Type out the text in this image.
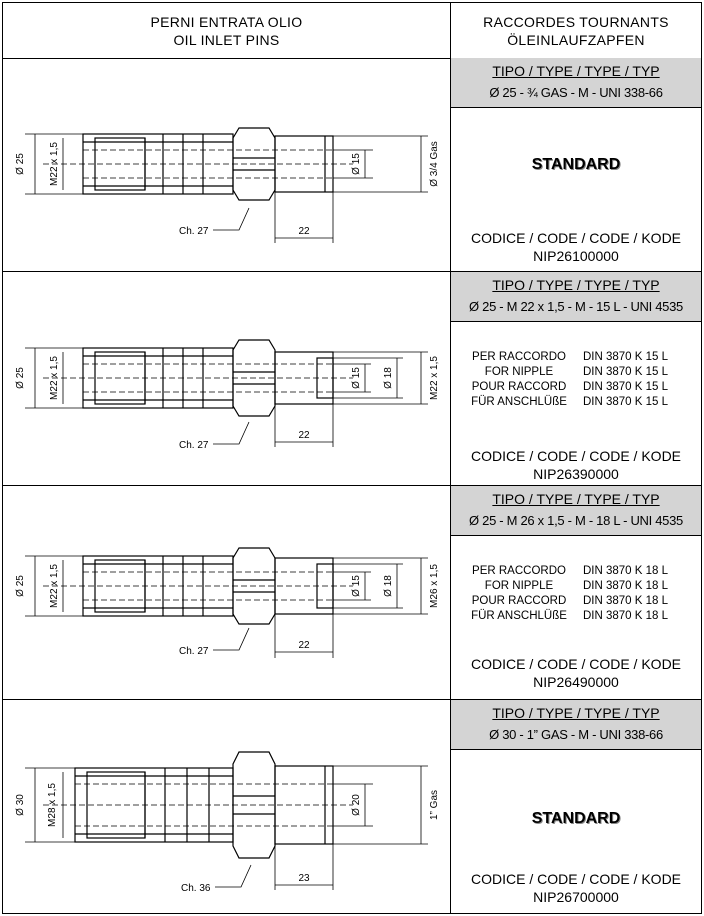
PERNI ENTRATA OLIO
OIL INLET PINS
RACCORDES TOURNANTS
ÖLEINLAUFZAPFEN
Ø 25 M22 x 1,5	Ø 15	Ø 3/4 Gas
Ch. 27	22
TIPO / TYPE / TYPE / TYP
Ø 25 - ¾ GAS - M - UNI 338-66
STANDARD
CODICE / CODE / CODE / KODE
NIP26100000
Ø 25 M22 x 1,5	Ø 15 Ø 18	M22 x 1,5
Ch. 27
22
TIPO / TYPE / TYPE / TYP
Ø 25 - M 22 x 1,5 - M - 15 L - UNI 4535
PER RACCORDO	DIN 3870 K 15 L
FOR NIPPLE	DIN 3870 K 15 L
POUR RACCORD	DIN 3870 K 15 L
FÜR ANSCHLÜßE	DIN 3870 K 15 L
CODICE / CODE / CODE / KODE
NIP26390000
Ø 25 M22 x 1,5	Ø 15 Ø 18	M26 x 1,5
Ch. 27
22
TIPO / TYPE / TYPE / TYP
Ø 25 - M 26 x 1,5 - M - 18 L - UNI 4535
PER RACCORDO	DIN 3870 K 18 L
FOR NIPPLE	DIN 3870 K 18 L
POUR RACCORD	DIN 3870 K 18 L
FÜR ANSCHLÜßE	DIN 3870 K 18 L
CODICE / CODE / CODE / KODE
NIP26490000
Ø 30 M28 x 1,5	Ø 20	1” Gas
Ch. 36
23
TIPO / TYPE / TYPE / TYP
Ø 30 - 1” GAS - M - UNI 338-66
STANDARD
CODICE / CODE / CODE / KODE
NIP26700000
